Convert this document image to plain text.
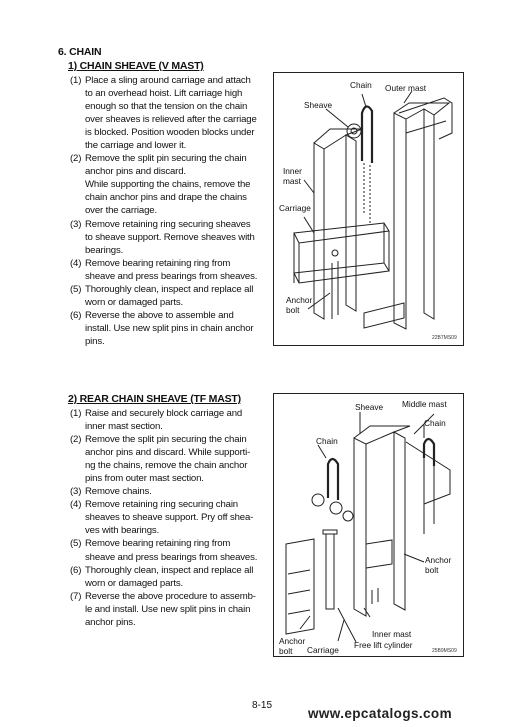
6. CHAIN
1) CHAIN SHEAVE (V MAST)
(1) Place a sling around carriage and attach
to an overhead hoist. Lift carriage high
enough so that the tension on the chain
over sheaves is relieved after the carriage
is blocked. Position wooden blocks under
the carriage and lower it.
(2) Remove the split pin securing the chain
anchor pins and discard.
While supporting the chains, remove the
chain anchor pins and drape the chains
over the carriage.
(3) Remove retaining ring securing sheaves
to sheave support. Remove sheaves with
bearings.
(4) Remove bearing retaining ring from
sheave and press bearings from sheaves.
(5) Thoroughly clean, inspect and replace all
worn or damaged parts.
(6) Reverse the above to assemble and
install. Use new split pins in chain anchor
pins.
Chain Outer mast
Sheave
Inner
mast
Carriage
Anchor
bolt
22B7MS09
2) REAR CHAIN SHEAVE (TF MAST)
(1) Raise and securely block carriage and
inner mast section.
(2) Remove the split pin securing the chain
anchor pins and discard. While supporti-
ng the chains, remove the chain anchor
pins from outer mast section.
(3) Remove chains.
(4) Remove retaining ring securing chain
sheaves to sheave support. Pry off shea-
ves with bearings.
(5) Remove bearing retaining ring from
sheave and press bearings from sheaves.
(6) Thoroughly clean, inspect and replace all
worn or damaged parts.
(7) Reverse the above procedure to assemb-
le and install. Use new split pins in chain
anchor pins.
Sheave Middle mast
Chain
Chain
Anchor
bolt
Anchor
bolt
Inner mast
Carriage Free lift cylinder
25B9MS09
8-15
www.epcatalogs.com
